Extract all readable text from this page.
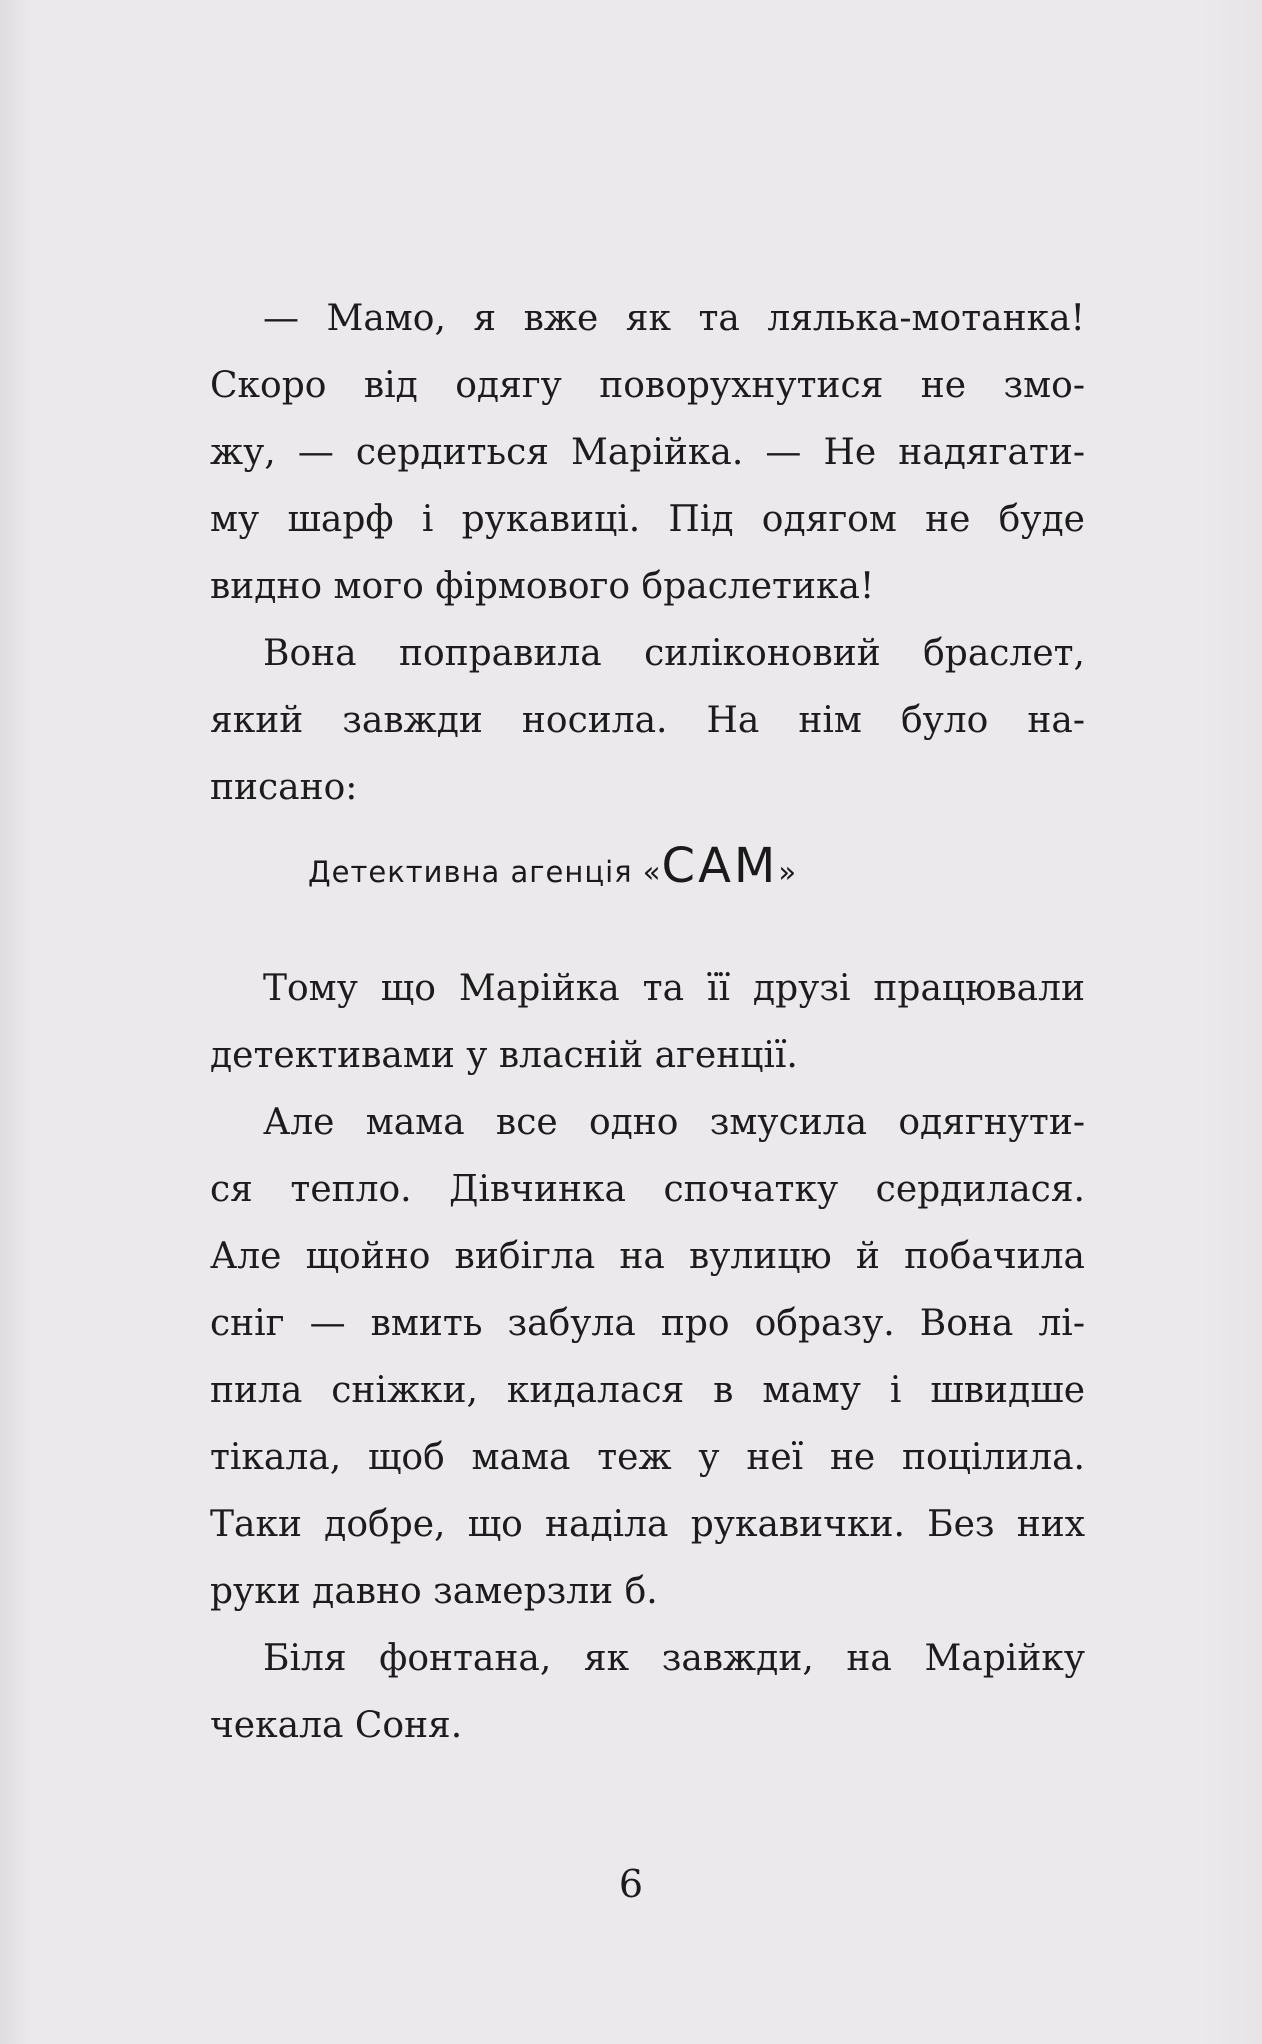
— Мамо, я вже як та лялька-мотанка!
Скоро від одягу поворухнутися не змо-
жу, — сердиться Марійка. — Не надягати-
му шарф і рукавиці. Під одягом не буде
видно мого фірмового браслетика!
Вона поправила силіконовий браслет,
який завжди носила. На нім було на-
писано:
Тому що Марійка та її друзі працювали
детективами у власній агенції.
Але мама все одно змусила одягнути-
ся тепло. Дівчинка спочатку сердилася.
Але щойно вибігла на вулицю й побачила
сніг — вмить забула про образу. Вона лі-
пила сніжки, кидалася в маму і швидше
тікала, щоб мама теж у неї не поцілила.
Таки добре, що наділа рукавички. Без них
руки давно замерзли б.
Біля фонтана, як завжди, на Марійку
чекала Соня.
Детективна агенція «САМ»
6
